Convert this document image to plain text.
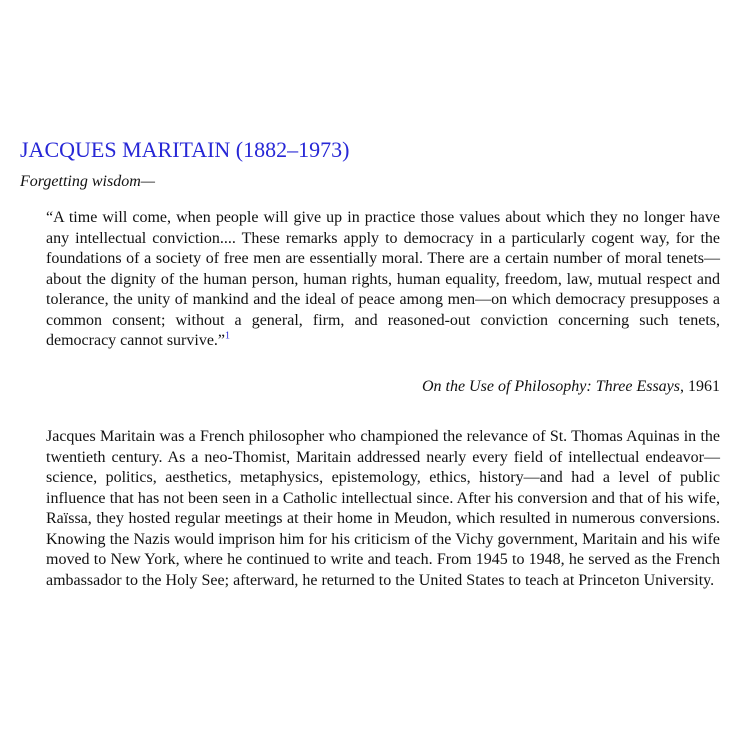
JACQUES MARITAIN (1882–1973)

Forgetting wisdom—

“A time will come, when people will give up in practice those values about which they no longer have any intellectual conviction.... These remarks apply to democracy in a particularly cogent way, for the foundations of a society of free men are essentially moral. There are a certain number of moral tenets—about the dignity of the human person, human rights, human equality, freedom, law, mutual respect and tolerance, the unity of mankind and the ideal of peace among men—on which democracy presupposes a common consent; without a general, firm, and reasoned-out conviction concerning such tenets, democracy cannot survive.”$^1$

On the Use of Philosophy: Three Essays, 1961

Jacques Maritain was a French philosopher who championed the relevance of St. Thomas Aquinas in the twentieth century. As a neo-Thomist, Maritain addressed nearly every field of intellectual endeavor—science, politics, aesthetics, metaphysics, epistemology, ethics, history—and had a level of public influence that has not been seen in a Catholic intellectual since. After his conversion and that of his wife, Raïssa, they hosted regular meetings at their home in Meudon, which resulted in numerous conversions. Knowing the Nazis would imprison him for his criticism of the Vichy government, Maritain and his wife moved to New York, where he continued to write and teach. From 1945 to 1948, he served as the French ambassador to the Holy See; afterward, he returned to the United States to teach at Princeton University.
